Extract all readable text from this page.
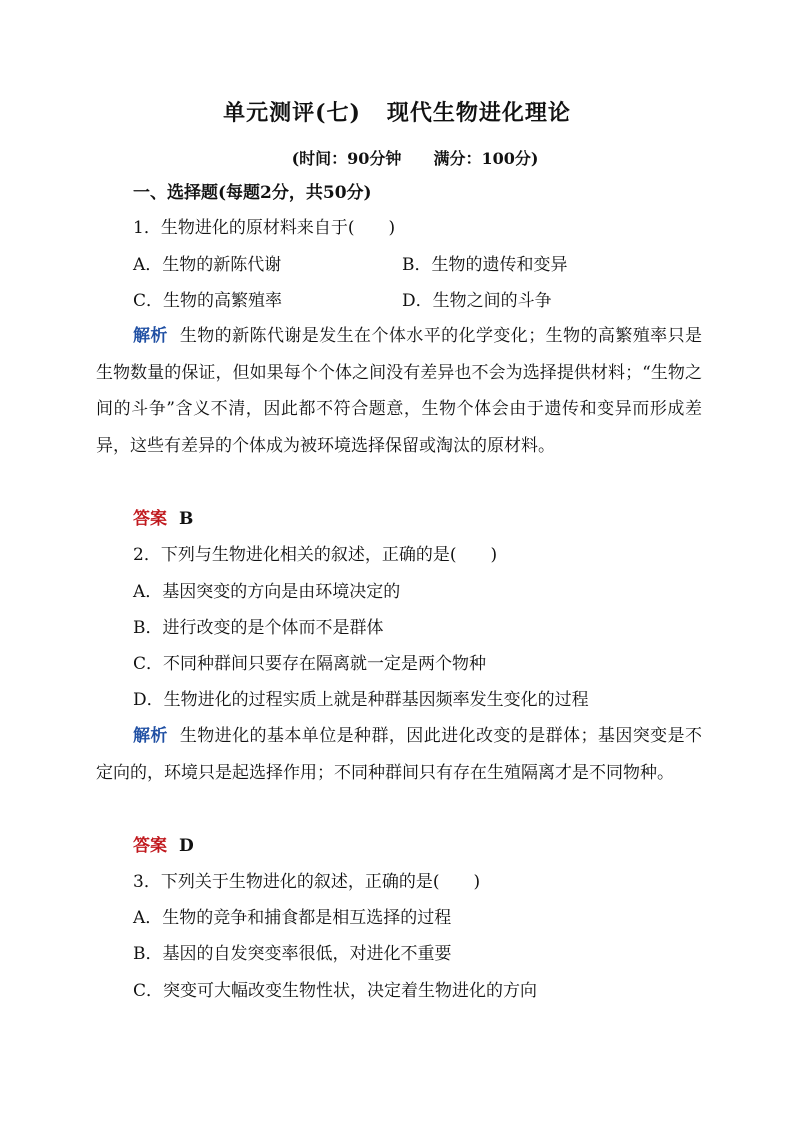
单元测评(七) 现代生物进化理论
(时间：90分钟　　 满分：100分)
一、选择题(每题2分，共50分)
1．生物进化的原材料来自于(　　)
A．生物的新陈代谢	B．生物的遗传和变异
C．生物的高繁殖率	D．生物之间的斗争
解析 生物的新陈代谢是发生在个体水平的化学变化；生物的高繁殖率只是生物数量的保证，但如果每个个体之间没有差异也不会为选择提供材料；“生物之间的斗争”含义不清，因此都不符合题意，生物个体会由于遗传和变异而形成差异，这些有差异的个体成为被环境选择保留或淘汰的原材料。
答案 B
2．下列与生物进化相关的叙述，正确的是(　　)
A．基因突变的方向是由环境决定的
B．进行改变的是个体而不是群体
C．不同种群间只要存在隔离就一定是两个物种
D．生物进化的过程实质上就是种群基因频率发生变化的过程
解析 生物进化的基本单位是种群，因此进化改变的是群体；基因突变是不定向的，环境只是起选择作用；不同种群间只有存在生殖隔离才是不同物种。
答案 D
3．下列关于生物进化的叙述，正确的是(　　)
A．生物的竞争和捕食都是相互选择的过程
B．基因的自发突变率很低，对进化不重要
C．突变可大幅改变生物性状，决定着生物进化的方向
